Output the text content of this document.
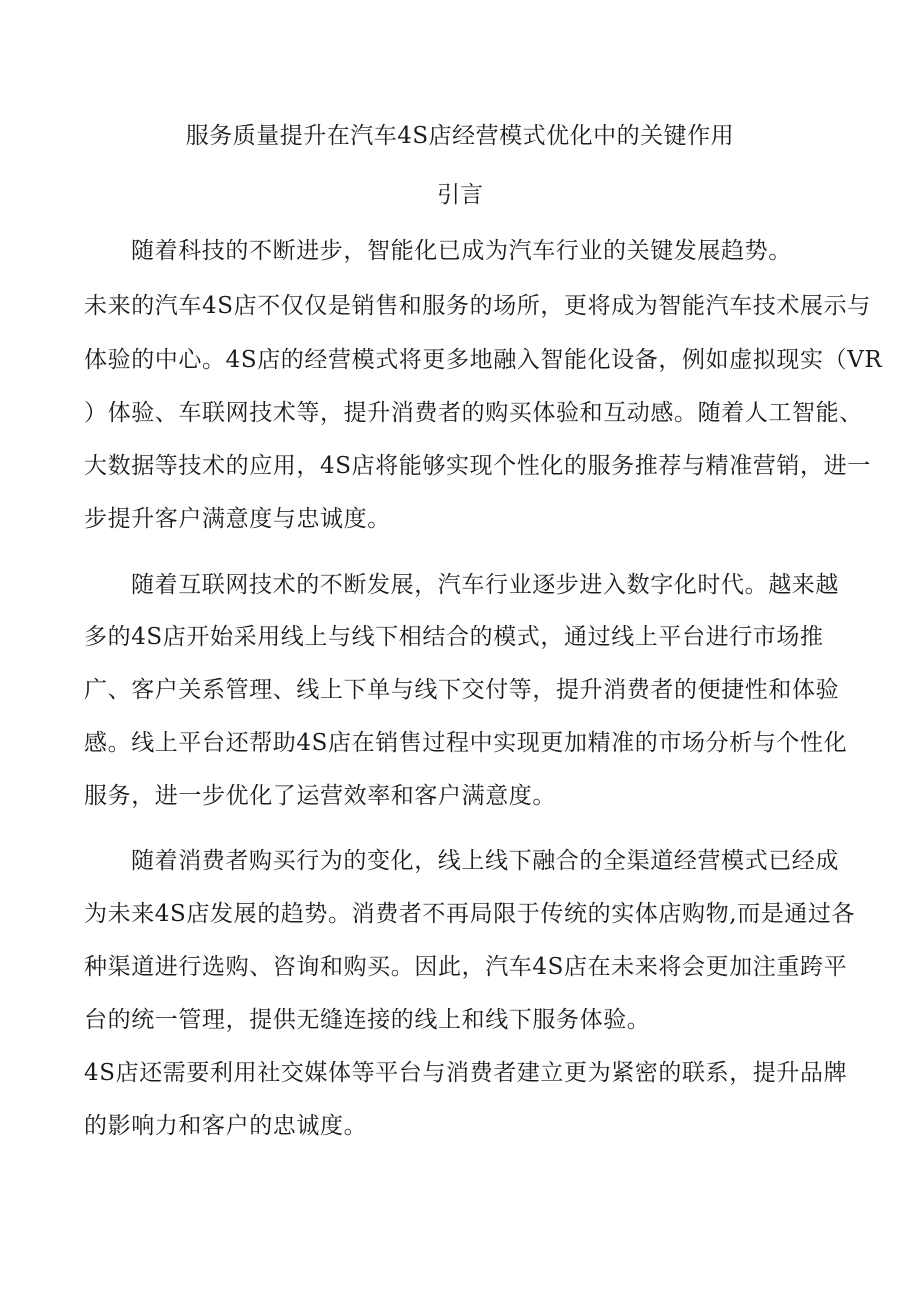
服务质量提升在汽车4S店经营模式优化中的关键作用
引言
随着科技的不断进步，智能化已成为汽车行业的关键发展趋势。
未来的汽车4S店不仅仅是销售和服务的场所，更将成为智能汽车技术展示与
体验的中心。4S店的经营模式将更多地融入智能化设备，例如虚拟现实（VR
）体验、车联网技术等，提升消费者的购买体验和互动感。随着人工智能、
大数据等技术的应用，4S店将能够实现个性化的服务推荐与精准营销，进一
步提升客户满意度与忠诚度。
随着互联网技术的不断发展，汽车行业逐步进入数字化时代。越来越
多的4S店开始采用线上与线下相结合的模式，通过线上平台进行市场推
广、客户关系管理、线上下单与线下交付等，提升消费者的便捷性和体验
感。线上平台还帮助4S店在销售过程中实现更加精准的市场分析与个性化
服务，进一步优化了运营效率和客户满意度。
随着消费者购买行为的变化，线上线下融合的全渠道经营模式已经成
为未来4S店发展的趋势。消费者不再局限于传统的实体店购物,而是通过各
种渠道进行选购、咨询和购买。因此，汽车4S店在未来将会更加注重跨平
台的统一管理，提供无缝连接的线上和线下服务体验。
4S店还需要利用社交媒体等平台与消费者建立更为紧密的联系，提升品牌
的影响力和客户的忠诚度。
